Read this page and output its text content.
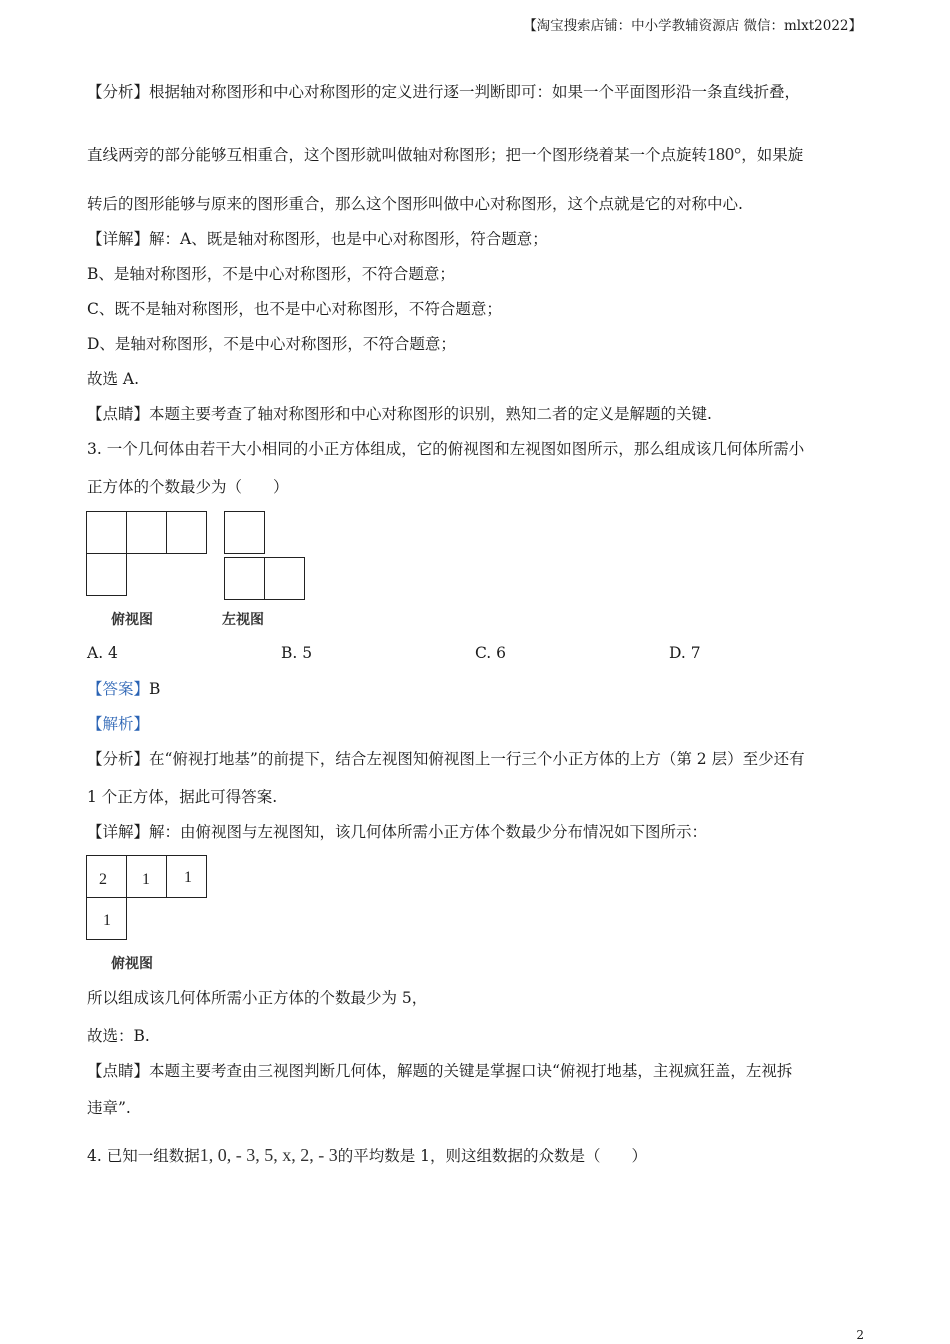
【淘宝搜索店铺：中小学教辅资源店 微信：mlxt2022】
【分析】根据轴对称图形和中心对称图形的定义进行逐一判断即可：如果一个平面图形沿一条直线折叠，
直线两旁的部分能够互相重合，这个图形就叫做轴对称图形；把一个图形绕着某一个点旋转180°，如果旋
转后的图形能够与原来的图形重合，那么这个图形叫做中心对称图形，这个点就是它的对称中心.
【详解】解：A、既是轴对称图形，也是中心对称图形，符合题意；
B、是轴对称图形，不是中心对称图形，不符合题意；
C、既不是轴对称图形，也不是中心对称图形，不符合题意；
D、是轴对称图形，不是中心对称图形，不符合题意；
故选 A.
【点睛】本题主要考查了轴对称图形和中心对称图形的识别，熟知二者的定义是解题的关键.
3. 一个几何体由若干大小相同的小正方体组成，它的俯视图和左视图如图所示，那么组成该几何体所需小
正方体的个数最少为（　　）
俯视图	左视图
A. 4	B. 5	C. 6	D. 7
【答案】B
【解析】
【分析】在“俯视打地基”的前提下，结合左视图知俯视图上一行三个小正方体的上方（第 2 层）至少还有
1 个正方体，据此可得答案.
【详解】解：由俯视图与左视图知，该几何体所需小正方体个数最少分布情况如下图所示：
2 1 1
1
俯视图
所以组成该几何体所需小正方体的个数最少为 5，
故选：B.
【点睛】本题主要考查由三视图判断几何体，解题的关键是掌握口诀“俯视打地基，主视疯狂盖，左视拆
违章”.
4. 已知一组数据1, 0, - 3, 5, x, 2, - 3的平均数是 1，则这组数据的众数是（　　）
2
